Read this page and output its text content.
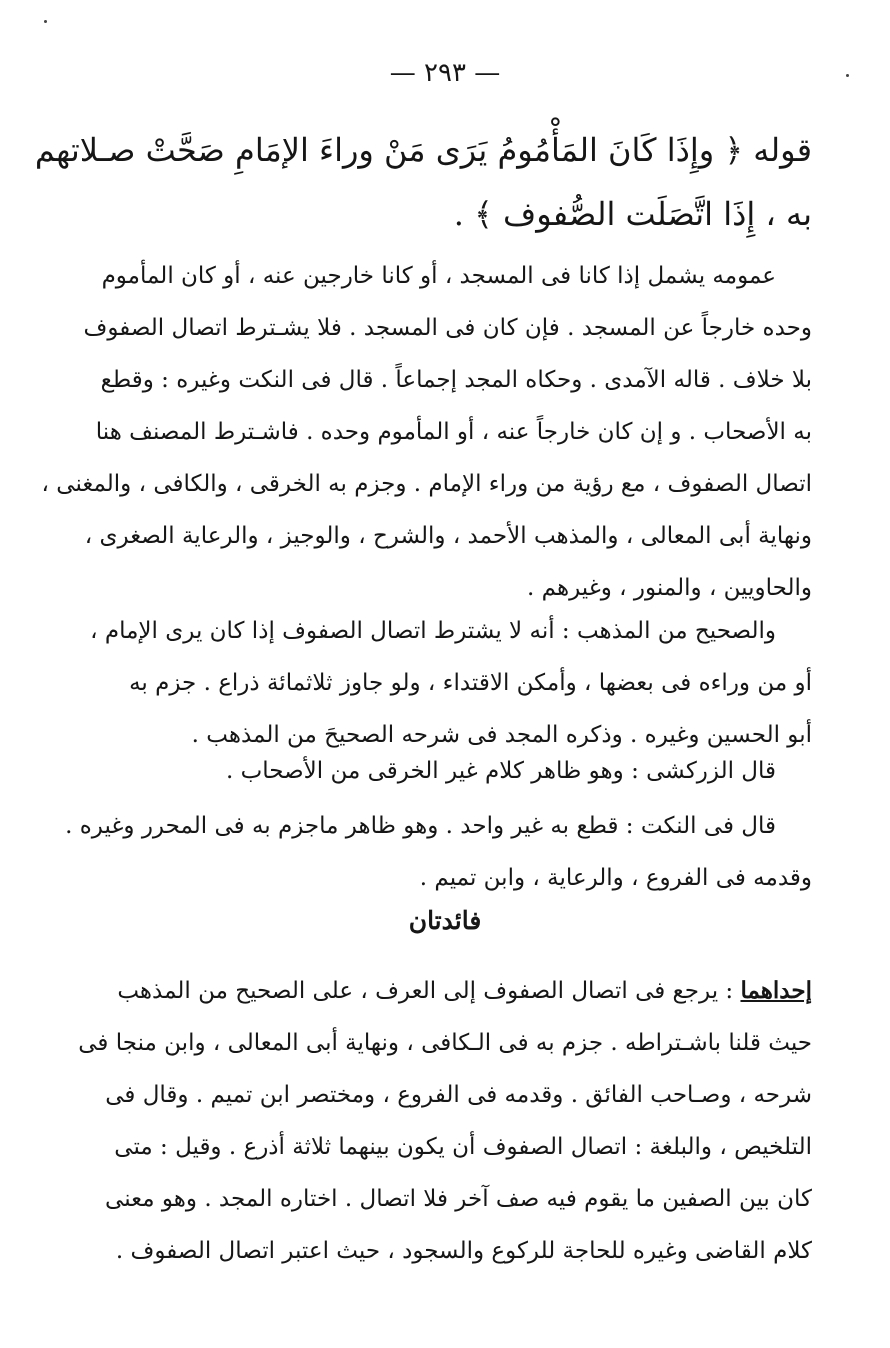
— ٢٩٣ —
قوله ﴿ وإِذَا كَانَ المَأْمُومُ يَرَى مَنْ وراءَ الإمَامِ صَحَّتْ صـلاتهم
به ، إِذَا اتَّصَلَت الصُّفوف ﴾ .
عمومه يشمل إذا كانا فى المسجد ، أو كانا خارجين عنه ، أو كان المأموم
وحده خارجاً عن المسجد . فإن كان فى المسجد . فلا يشـترط اتصال الصفوف
بلا خلاف . قاله الآمدى . وحكاه المجد إجماعاً . قال فى النكت وغيره : وقطع
به الأصحاب . و إن كان خارجاً عنه ، أو المأموم وحده . فاشـترط المصنف هنا
اتصال الصفوف ، مع رؤية من وراء الإمام . وجزم به الخرقى ، والكافى ، والمغنى ،
ونهاية أبى المعالى ، والمذهب الأحمد ، والشرح ، والوجيز ، والرعاية الصغرى ،
والحاويين ، والمنور ، وغيرهم .
والصحيح من المذهب : أنه لا يشترط اتصال الصفوف إذا كان يرى الإمام ،
أو من وراءه فى بعضها ، وأمكن الاقتداء ، ولو جاوز ثلاثمائة ذراع . جزم به
أبو الحسين وغيره . وذكره المجد فى شرحه الصحيحَ من المذهب .
قال الزركشى : وهو ظاهر كلام غير الخرقى من الأصحاب .
قال فى النكت : قطع به غير واحد . وهو ظاهر ماجزم به فى المحرر وغيره .
وقدمه فى الفروع ، والرعاية ، وابن تميم .
فائدتان
إحداهما : يرجع فى اتصال الصفوف إلى العرف ، على الصحيح من المذهب
حيث قلنا باشـتراطه . جزم به فى الـكافى ، ونهاية أبى المعالى ، وابن منجا فى
شرحه ، وصـاحب الفائق . وقدمه فى الفروع ، ومختصر ابن تميم . وقال فى
التلخيص ، والبلغة : اتصال الصفوف أن يكون بينهما ثلاثة أذرع . وقيل : متى
كان بين الصفين ما يقوم فيه صف آخر فلا اتصال . اختاره المجد . وهو معنى
كلام القاضى وغيره للحاجة للركوع والسجود ، حيث اعتبر اتصال الصفوف .
